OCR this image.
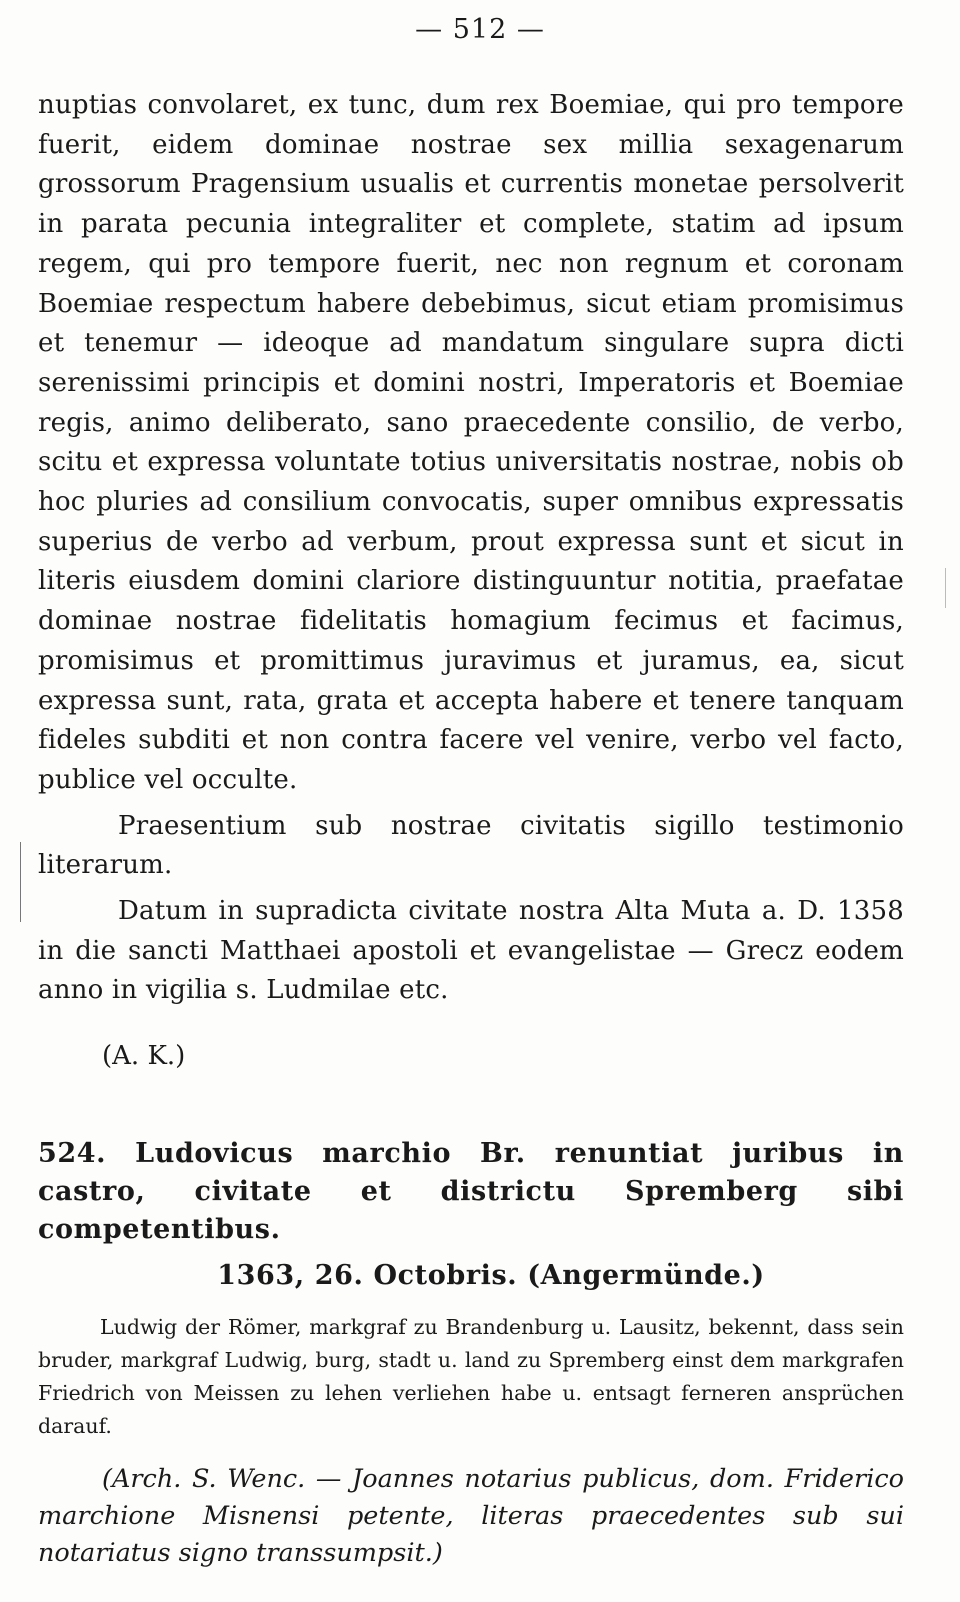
— 512 —

nuptias convolaret, ex tunc, dum rex Boemiae, qui pro tempore fuerit, eidem dominae nostrae sex millia sexagenarum grossorum Pragensium usualis et currentis monetae persolverit in parata pecunia integraliter et complete, statim ad ipsum regem, qui pro tempore fuerit, nec non regnum et coronam Boemiae respectum habere debebimus, sicut etiam promisimus et tenemur — ideoque ad mandatum singulare supra dicti serenissimi principis et domini nostri, Imperatoris et Boemiae regis, animo deliberato, sano praecedente consilio, de verbo, scitu et expressa voluntate totius universitatis nostrae, nobis ob hoc pluries ad consilium convocatis, super omnibus expressatis superius de verbo ad verbum, prout expressa sunt et sicut in literis eiusdem domini clariore distinguuntur notitia, praefatae dominae nostrae fidelitatis homagium fecimus et facimus, promisimus et promittimus juravimus et juramus, ea, sicut expressa sunt, rata, grata et accepta habere et tenere tanquam fideles subditi et non contra facere vel venire, verbo vel facto, publice vel occulte.

Praesentium sub nostrae civitatis sigillo testimonio literarum.

Datum in supradicta civitate nostra Alta Muta a. D. 1358 in die sancti Matthaei apostoli et evangelistae — Grecz eodem anno in vigilia s. Ludmilae etc.

(A. K.)
524. Ludovicus marchio Br. renuntiat juribus in castro, civitate et districtu Spremberg sibi competentibus.
1363, 26. Octobris. (Angermünde.)

Ludwig der Römer, markgraf zu Brandenburg u. Lausitz, bekennt, dass sein bruder, markgraf Ludwig, burg, stadt u. land zu Spremberg einst dem markgrafen Friedrich von Meissen zu lehen verliehen habe u. entsagt ferneren ansprüchen darauf.

(Arch. S. Wenc. — Joannes notarius publicus, dom. Friderico marchione Misnensi petente, literas praecedentes sub sui notariatus signo transsumpsit.)
